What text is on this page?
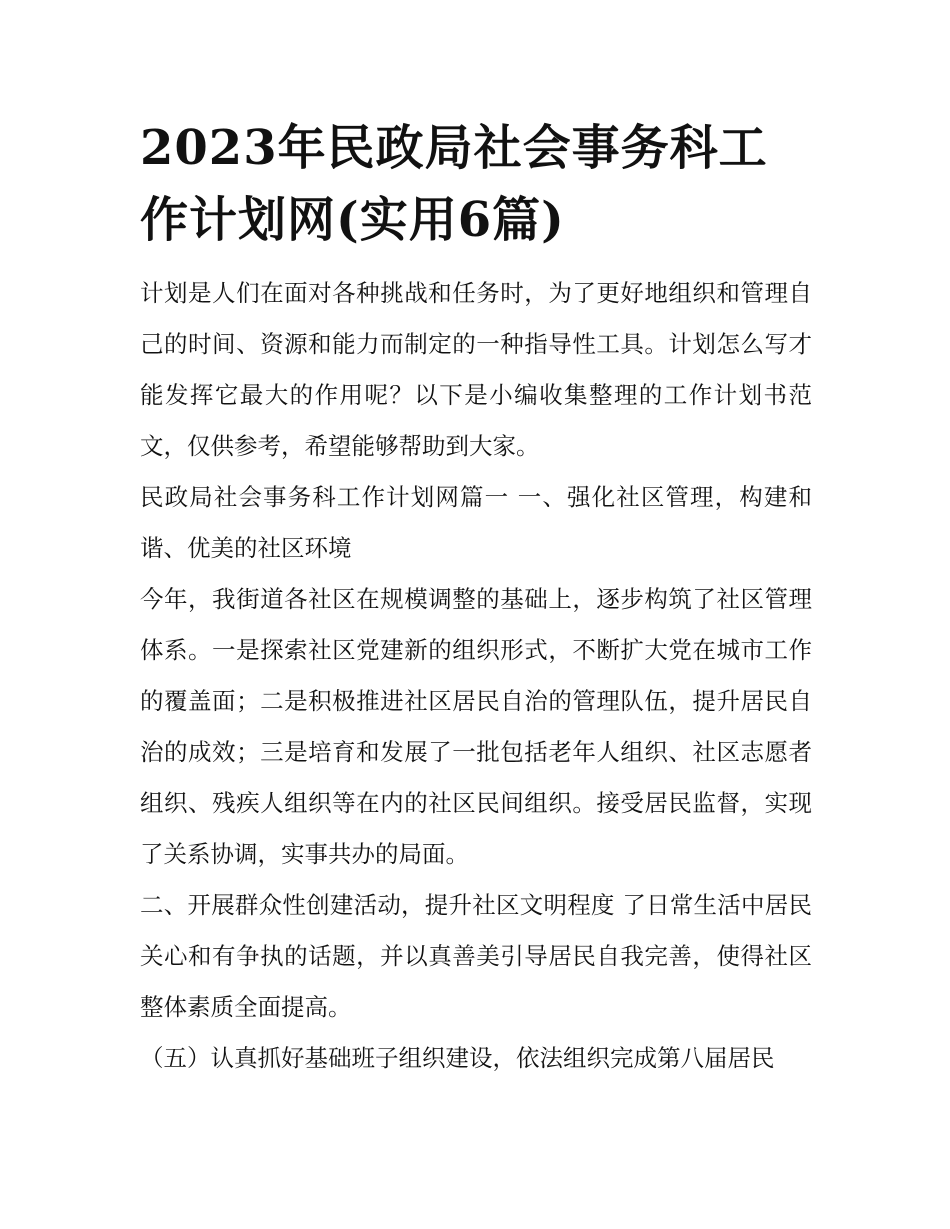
2023年民政局社会事务科工作计划网(实用6篇)

计划是人们在面对各种挑战和任务时，为了更好地组织和管理自己的时间、资源和能力而制定的一种指导性工具。计划怎么写才能发挥它最大的作用呢？以下是小编收集整理的工作计划书范文，仅供参考，希望能够帮助到大家。

民政局社会事务科工作计划网篇一 一、强化社区管理，构建和谐、优美的社区环境

今年，我街道各社区在规模调整的基础上，逐步构筑了社区管理体系。一是探索社区党建新的组织形式，不断扩大党在城市工作的覆盖面；二是积极推进社区居民自治的管理队伍，提升居民自治的成效；三是培育和发展了一批包括老年人组织、社区志愿者组织、残疾人组织等在内的社区民间组织。接受居民监督，实现了关系协调，实事共办的局面。

二、开展群众性创建活动，提升社区文明程度 了日常生活中居民关心和有争执的话题，并以真善美引导居民自我完善，使得社区整体素质全面提高。

（五）认真抓好基础班子组织建设，依法组织完成第八届居民
